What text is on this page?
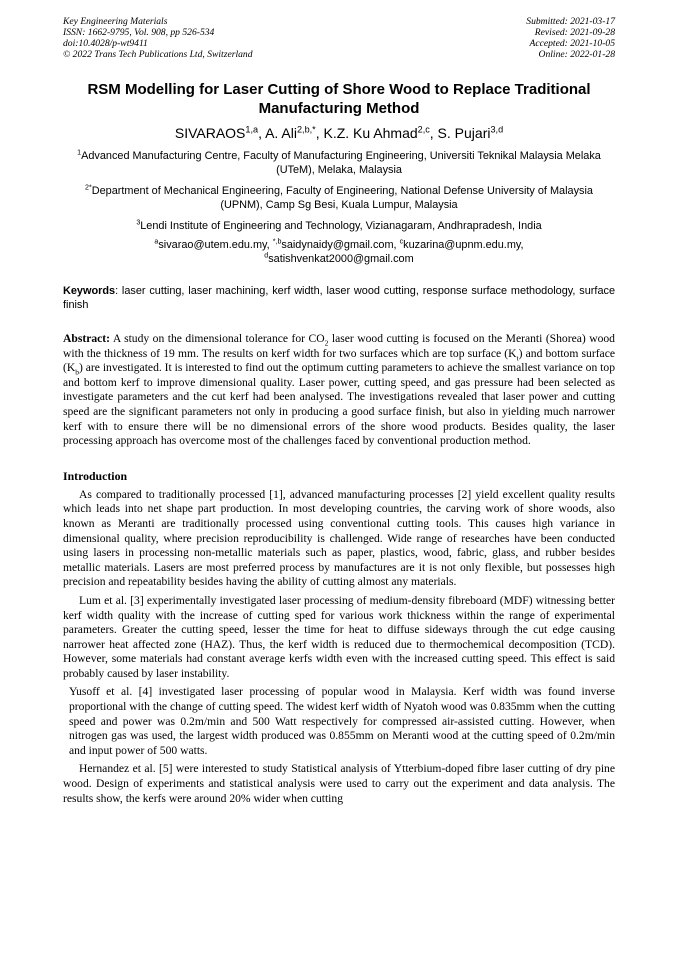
Key Engineering Materials
ISSN: 1662-9795, Vol. 908, pp 526-534
doi:10.4028/p-wt9411
© 2022 Trans Tech Publications Ltd, Switzerland
Submitted: 2021-03-17
Revised: 2021-09-28
Accepted: 2021-10-05
Online: 2022-01-28
RSM Modelling for Laser Cutting of Shore Wood to Replace Traditional Manufacturing Method
SIVARAOS$^{1,a}$, A. Ali$^{2,b,*}$, K.Z. Ku Ahmad$^{2,c}$, S. Pujari$^{3,d}$
$^1$Advanced Manufacturing Centre, Faculty of Manufacturing Engineering, Universiti Teknikal Malaysia Melaka (UTeM), Melaka, Malaysia
$^{2*}$Department of Mechanical Engineering, Faculty of Engineering, National Defense University of Malaysia (UPNM), Camp Sg Besi, Kuala Lumpur, Malaysia
$^3$Lendi Institute of Engineering and Technology, Vizianagaram, Andhrapradesh, India
$^a$sivarao@utem.edu.my, $^{*,b}$saidynaidy@gmail.com, $^c$kuzarina@upnm.edu.my,
$^d$satishvenkat2000@gmail.com
Keywords: laser cutting, laser machining, kerf width, laser wood cutting, response surface methodology, surface finish
Abstract: A study on the dimensional tolerance for $CO_2$ laser wood cutting is focused on the Meranti (Shorea) wood with the thickness of 19 mm. The results on kerf width for two surfaces which are top surface $(K_t)$ and bottom surface $(K_b)$ are investigated. It is interested to find out the optimum cutting parameters to achieve the smallest variance on top and bottom kerf to improve dimensional quality. Laser power, cutting speed, and gas pressure had been selected as investigate parameters and the cut kerf had been analysed. The investigations revealed that laser power and cutting speed are the significant parameters not only in producing a good surface finish, but also in yielding much narrower kerf with to ensure there will be no dimensional errors of the shore wood products. Besides quality, the laser processing approach has overcome most of the challenges faced by conventional production method.
Introduction

As compared to traditionally processed [1], advanced manufacturing processes [2] yield excellent quality results which leads into net shape part production. In most developing countries, the carving work of shore woods, also known as Meranti are traditionally processed using conventional cutting tools. This causes high variance in dimensional quality, where precision reproducibility is challenged. Wide range of researches have been conducted using lasers in processing non-metallic materials such as paper, plastics, wood, fabric, glass, and rubber besides metallic materials. Lasers are most preferred process by manufactures are it is not only flexible, but possesses high precision and repeatability besides having the ability of cutting almost any materials.

Lum et al. [3] experimentally investigated laser processing of medium-density fibreboard (MDF) witnessing better kerf width quality with the increase of cutting sped for various work thickness within the range of experimental parameters. Greater the cutting speed, lesser the time for heat to diffuse sideways through the cut edge causing narrower heat affected zone (HAZ). Thus, the kerf width is reduced due to thermochemical decomposition (TCD). However, some materials had constant average kerfs width even with the increased cutting speed. This effect is said probably caused by laser instability.

Yusoff et al. [4] investigated laser processing of popular wood in Malaysia. Kerf width was found inverse proportional with the change of cutting speed. The widest kerf width of Nyatoh wood was 0.835mm when the cutting speed and power was 0.2m/min and 500 Watt respectively for compressed air-assisted cutting. However, when nitrogen gas was used, the largest width produced was 0.855mm on Meranti wood at the cutting speed of 0.2m/min and input power of 500 watts.

Hernandez et al. [5] were interested to study Statistical analysis of Ytterbium-doped fibre laser cutting of dry pine wood. Design of experiments and statistical analysis were used to carry out the experiment and data analysis. The results show, the kerfs were around 20% wider when cutting
